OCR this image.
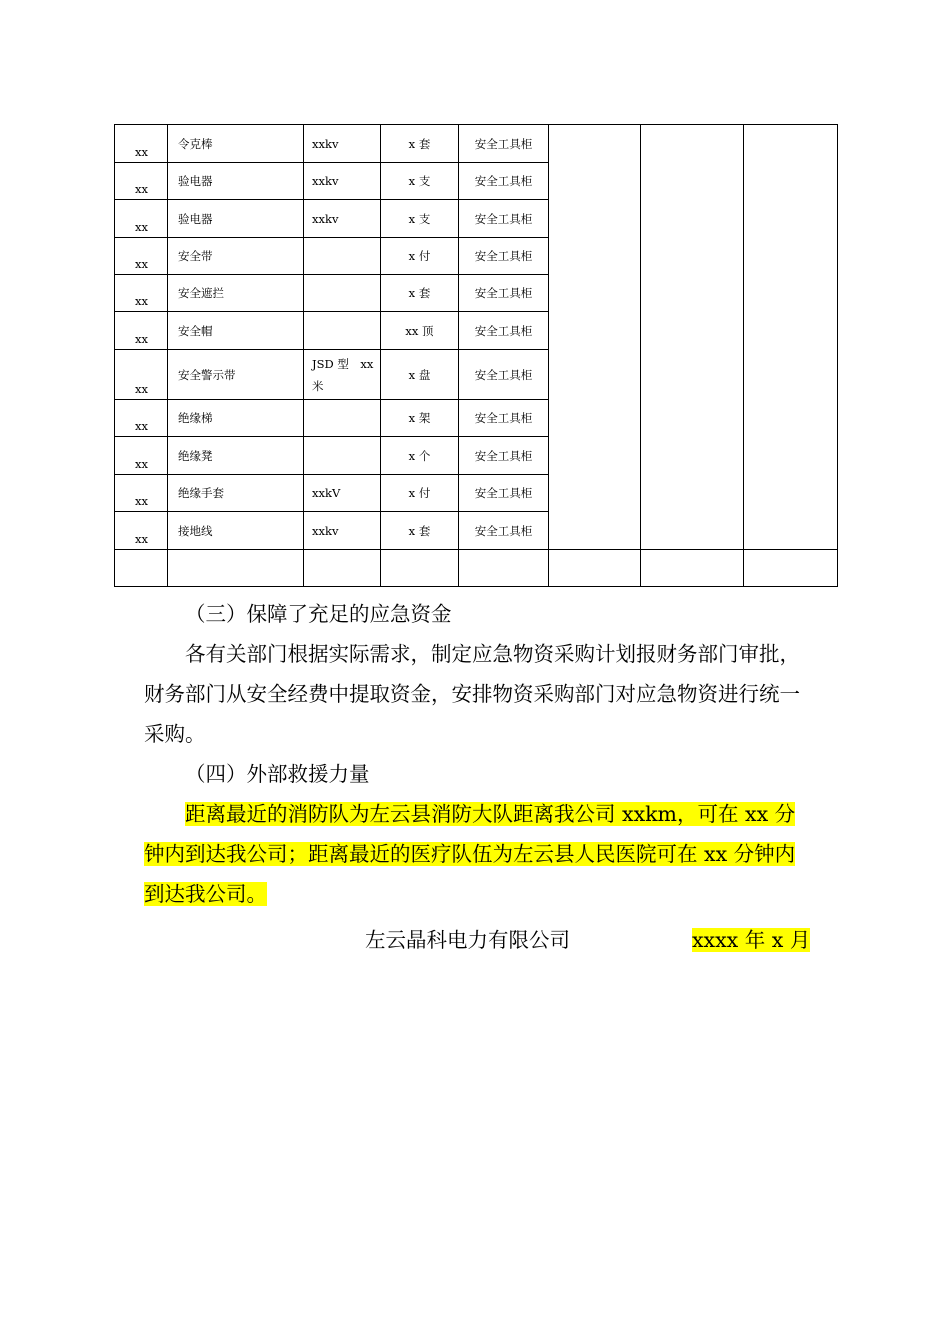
xx	令克棒	xxkv	x 套	安全工具柜			
xx	验电器	xxkv	x 支	安全工具柜			
xx	验电器	xxkv	x 支	安全工具柜			
xx	安全带		x 付	安全工具柜			
xx	安全遮拦		x 套	安全工具柜			
xx	安全帽		xx 顶	安全工具柜			
xx	安全警示带	JSD 型　xx 米	x 盘	安全工具柜			
xx	绝缘梯		x 架	安全工具柜			
xx	绝缘凳		x 个	安全工具柜			
xx	绝缘手套	xxkV	x 付	安全工具柜			
xx	接地线	xxkv	x 套	安全工具柜			

（三）保障了充足的应急资金

各有关部门根据实际需求，制定应急物资采购计划报财务部门审批，财务部门从安全经费中提取资金，安排物资采购部门对应急物资进行统一采购。

（四）外部救援力量

距离最近的消防队为左云县消防大队距离我公司 xxkm，可在 xx 分钟内到达我公司；距离最近的医疗队伍为左云县人民医院可在 xx 分钟内到达我公司。

左云晶科电力有限公司	xxxx 年 x 月
